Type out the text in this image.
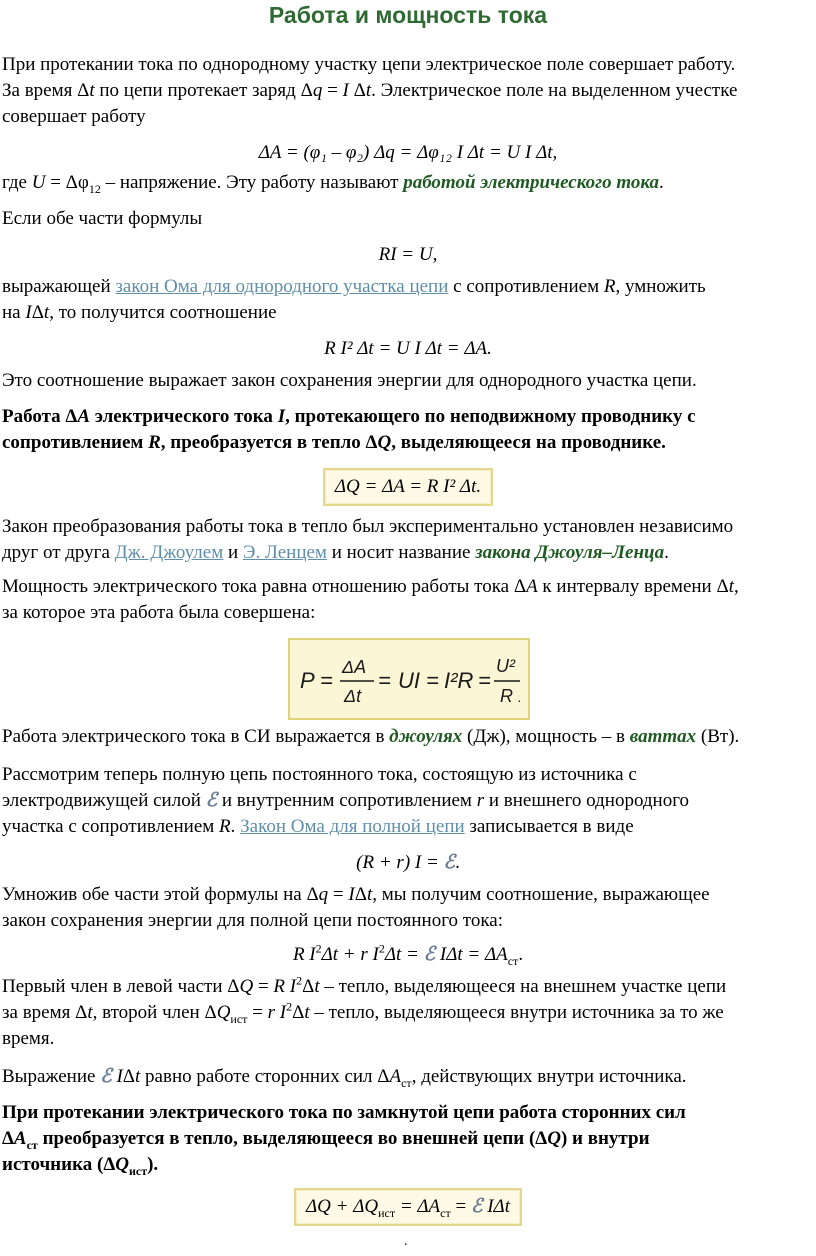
Работа и мощность тока
При протекании тока по однородному участку цепи электрическое поле совершает работу.
За время Δt по цепи протекает заряд Δq = I Δt. Электрическое поле на выделенном учестке
совершает работу
ΔA = (φ₁ – φ₂) Δq = Δφ₁₂ I Δt = U I Δt,
где $U = \Delta\varphi_{12}$ – напряжение. Эту работу называют работой электрического тока.
Если обе части формулы
RI = U,
выражающей закон Ома для однородного участка цепи с сопротивлением R, умножить
на IΔt, то получится соотношение
R I² Δt = U I Δt = ΔA.
Это соотношение выражает закон сохранения энергии для однородного участка цепи.
Работа ΔA электрического тока I, протекающего по неподвижному проводнику с
сопротивлением R, преобразуется в тепло ΔQ, выделяющееся на проводнике.
ΔQ = ΔA = R I² Δt.
Закон преобразования работы тока в тепло был экспериментально установлен независимо
друг от друга Дж. Джоулем и Э. Ленцем и носит название закона Джоуля–Ленца.
Мощность электрического тока равна отношению работы тока ΔA к интервалу времени Δt,
за которое эта работа была совершена:
P =
ΔA
Δt
= UI = I²R =
U²
R .
Работа электрического тока в СИ выражается в джоулях (Дж), мощность – в ваттах (Вт).
Рассмотрим теперь полную цепь постоянного тока, состоящую из источника с
электродвижущей силой ℰ и внутренним сопротивлением r и внешнего однородного
участка с сопротивлением R. Закон Ома для полной цепи записывается в виде
(R + r) I = ℰ.
Умножив обе части этой формулы на Δq = IΔt, мы получим соотношение, выражающее
закон сохранения энергии для полной цепи постоянного тока:
R $I^2\Delta t + r$ $I^2\Delta t$ = ℰ $I\Delta t = \Delta A_{ст}$.
Первый член в левой части ΔQ = R $I^2\Delta t$ – тепло, выделяющееся на внешнем участке цепи
за время Δt, второй член $\Delta Q_{ист} = r$ $I^2\Delta t$ – тепло, выделяющееся внутри источника за то же
время.
Выражение ℰ IΔt равно работе сторонних сил $\Delta A_{ст}$, действующих внутри источника.
При протекании электрического тока по замкнутой цепи работа сторонних сил
$\Delta A_{ст}$ преобразуется в тепло, выделяющееся во внешней цепи (ΔQ) и внутри
источника $(\Delta Q_{ист})$.
$\Delta Q + \Delta Q_{ист} = \Delta A_{ст}$ = ℰ IΔt
.
